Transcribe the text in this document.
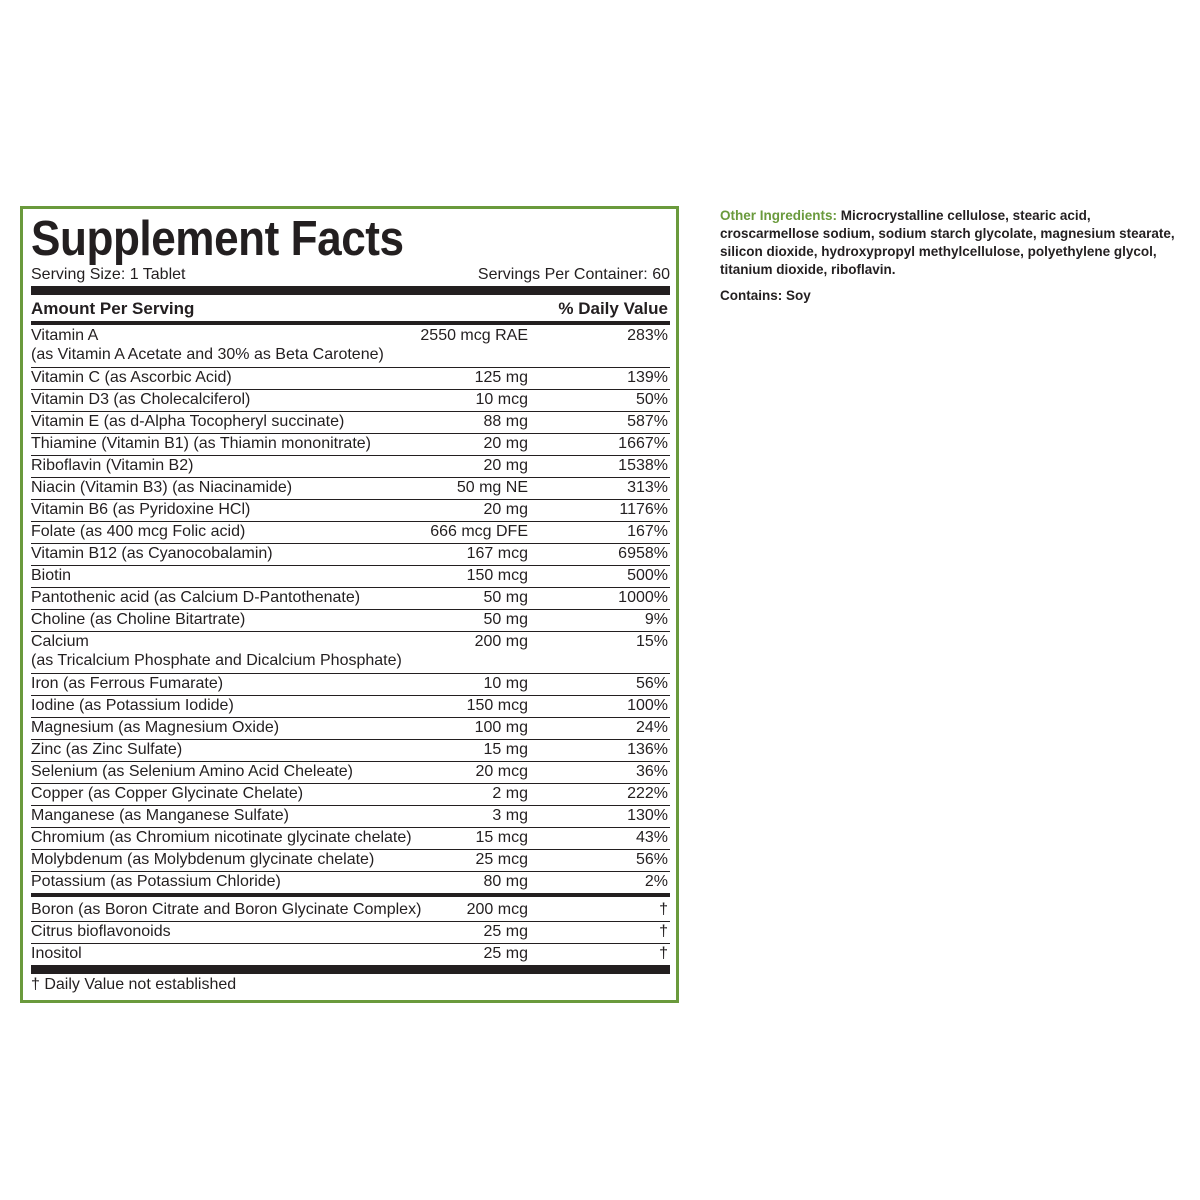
Supplement Facts
Serving Size: 1 Tablet	Servings Per Container: 60
Amount Per Serving	% Daily Value
Vitamin A	2550 mcg RAE	283%
(as Vitamin A Acetate and 30% as Beta Carotene)
Vitamin C (as Ascorbic Acid)	125 mg	139%
Vitamin D3 (as Cholecalciferol)	10 mcg	50%
Vitamin E (as d-Alpha Tocopheryl succinate)	88 mg	587%
Thiamine (Vitamin B1) (as Thiamin mononitrate)	20 mg	1667%
Riboflavin (Vitamin B2)	20 mg	1538%
Niacin (Vitamin B3) (as Niacinamide)	50 mg NE	313%
Vitamin B6 (as Pyridoxine HCl)	20 mg	1176%
Folate (as 400 mcg Folic acid)	666 mcg DFE	167%
Vitamin B12 (as Cyanocobalamin)	167 mcg	6958%
Biotin	150 mcg	500%
Pantothenic acid (as Calcium D-Pantothenate)	50 mg	1000%
Choline (as Choline Bitartrate)	50 mg	9%
Calcium	200 mg	15%
(as Tricalcium Phosphate and Dicalcium Phosphate)
Iron (as Ferrous Fumarate)	10 mg	56%
Iodine (as Potassium Iodide)	150 mcg	100%
Magnesium (as Magnesium Oxide)	100 mg	24%
Zinc (as Zinc Sulfate)	15 mg	136%
Selenium (as Selenium Amino Acid Cheleate)	20 mcg	36%
Copper (as Copper Glycinate Chelate)	2 mg	222%
Manganese (as Manganese Sulfate)	3 mg	130%
Chromium (as Chromium nicotinate glycinate chelate)	15 mcg	43%
Molybdenum (as Molybdenum glycinate chelate)	25 mcg	56%
Potassium (as Potassium Chloride)	80 mg	2%
Boron (as Boron Citrate and Boron Glycinate Complex)	200 mcg	†
Citrus bioflavonoids	25 mg	†
Inositol	25 mg	†
† Daily Value not established
Other Ingredients: Microcrystalline cellulose, stearic acid, croscarmellose sodium, sodium starch glycolate, magnesium stearate, silicon dioxide, hydroxypropyl methylcellulose, polyethylene glycol, titanium dioxide, riboflavin.
Contains: Soy
